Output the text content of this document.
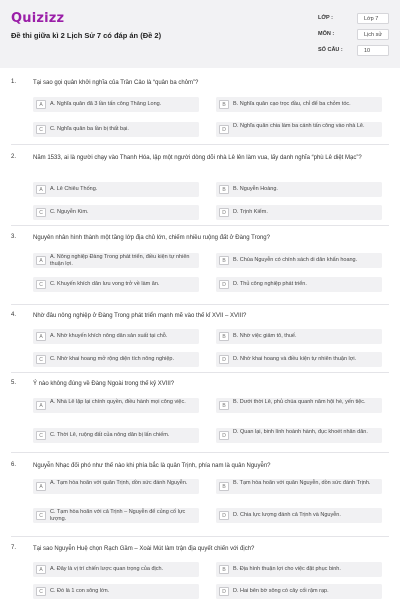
Quizizz
Đề thi giữa kì 2 Lịch Sử 7 có đáp án (Đề 2)
LỚP :	Lớp 7
MÔN :	Lịch sử
SỐ CÂU :	10
1.	Tại sao gọi quân khởi nghĩa của Trần Cảo là “quân ba chỏm”?
A	A. Nghĩa quân đã 3 lần tấn công Thăng Long.	B	B. Nghĩa quân cạo trọc đầu, chỉ để ba chỏm tóc.
C	C. Nghĩa quân ba lần bị thất bại.	D
D. Nghĩa quân chia làm ba cánh tấn công vào nhà Lê.
2.	Năm 1533, ai là người chạy vào Thanh Hóa, lập một người dòng dõi nhà Lê lên làm vua, lấy danh nghĩa “phù Lê diệt Mạc”?
A	A. Lê Chiêu Thống.	B	B. Nguyễn Hoàng.
C	C. Nguyễn Kim.	D	D. Trịnh Kiểm.
3.	Nguyên nhân hình thành một tầng lớp địa chủ lớn, chiếm nhiều ruộng đất ở Đàng Trong?
A
A. Nông nghiệp Đàng Trong phát triển, điều kiện tự nhiên thuận lợi.	B	B. Chúa Nguyễn có chính sách di dân khẩn hoang.
C	C. Khuyến khích dân lưu vong trở về làm ăn.	D	D. Thủ công nghiệp phát triển.
4.	Nhờ đâu nông nghiệp ở Đàng Trong phát triển mạnh mẽ vào thế kỉ XVII – XVIII?
A	A. Nhờ khuyến khích nông dân sản xuất tại chỗ.	B	B. Nhờ việc giảm tô, thuế.
C	C. Nhờ khai hoang mở rộng diện tích nông nghiệp.	D	D. Nhờ khai hoang và điều kiện tự nhiên thuận lợi.
5.	Ý nào không đúng về Đàng Ngoài trong thế kỷ XVIII?
A
A. Nhà Lê lập lại chính quyền, điều hành mọi công việc.
B
B. Dưới thời Lê, phủ chúa quanh năm hội hè, yến tiệc.
C	C. Thời Lê, ruộng đất của nông dân bị lấn chiếm.	D
D. Quan lại, binh lính hoành hành, đục khoét nhân dân.
6.	Nguyễn Nhạc đối phó như thế nào khi phía bắc là quân Trịnh, phía nam là quân Nguyễn?
A
A. Tạm hòa hoãn với quân Trịnh, dồn sức đánh Nguyễn.
B
B. Tạm hòa hoãn với quân Nguyễn, dồn sức đánh Trịnh.
C
C. Tạm hòa hoãn với cả Trịnh – Nguyễn để củng cố lực lượng.	D	D. Chia lực lượng đánh cả Trịnh và Nguyễn.
7.	Tại sao Nguyễn Huệ chọn Rạch Gầm – Xoài Mút làm trận địa quyết chiến với địch?
A	A. Đây là vị trí chiến lược quan trọng của địch.	B	B. Địa hình thuận lợi cho việc đặt phục binh.
C	C. Đó là 1 con sông lớn.	D	D. Hai bên bờ sông có cây cối rậm rạp.
